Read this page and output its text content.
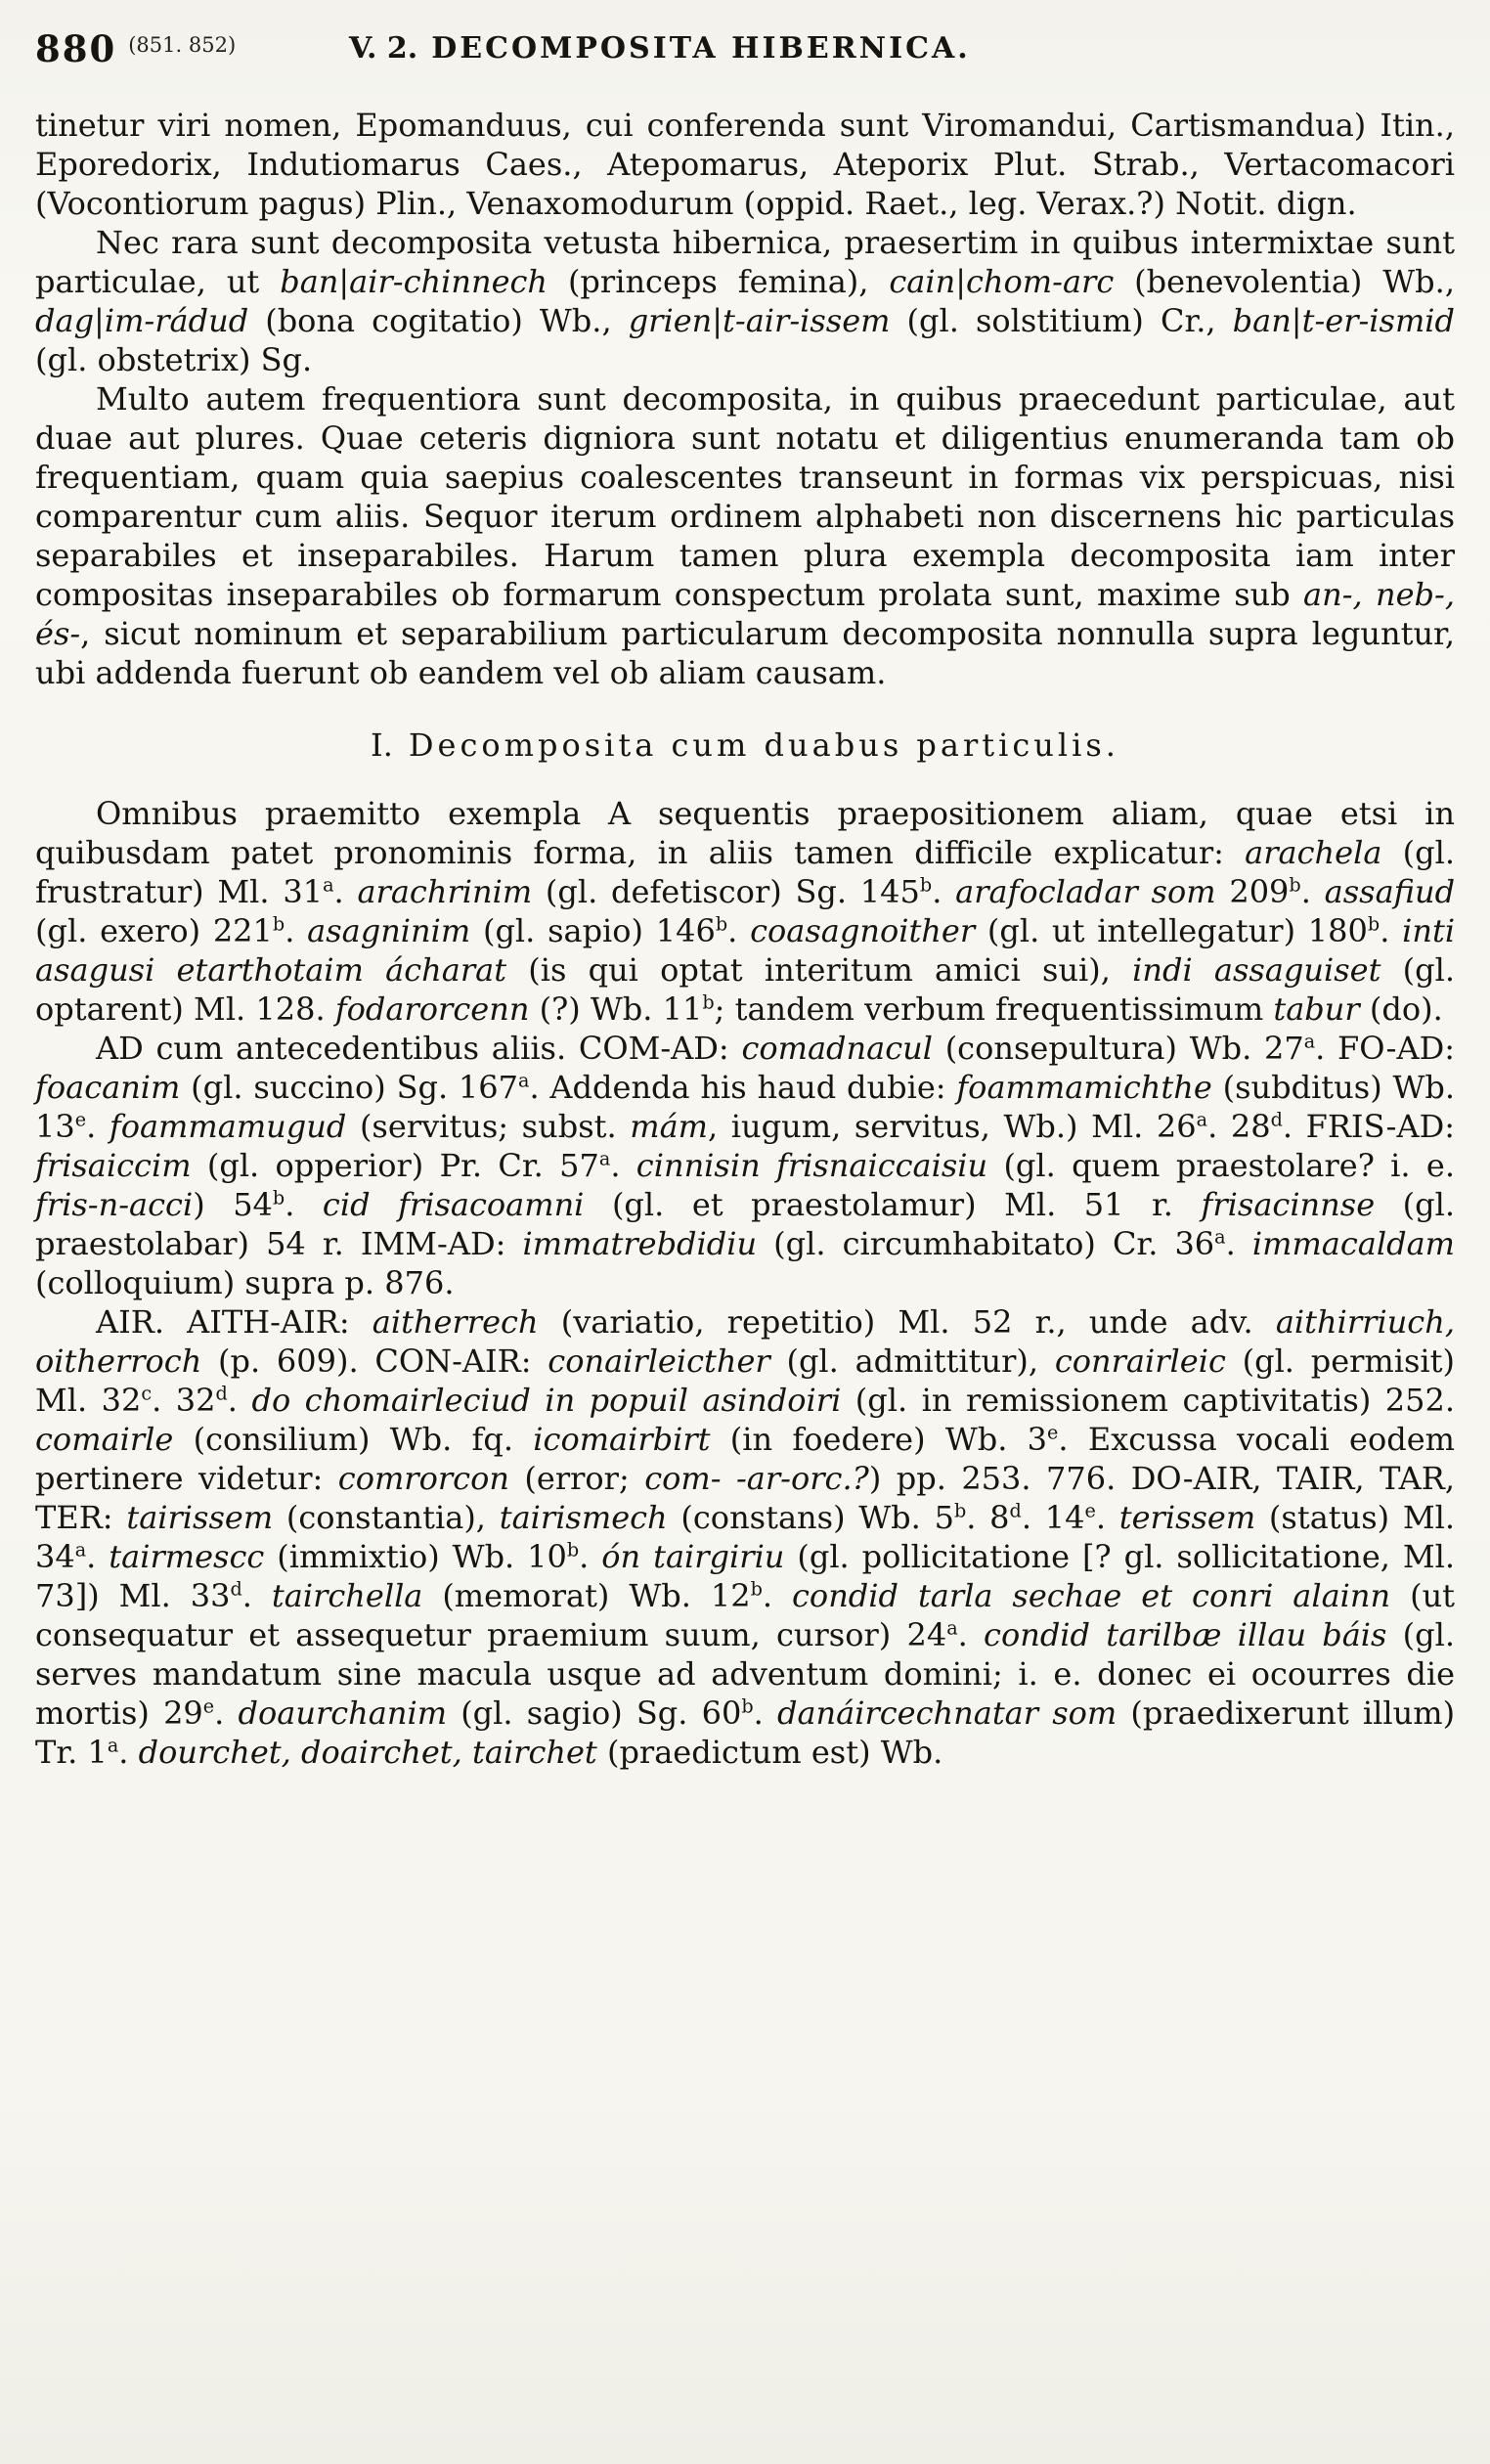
880 $^{(851. 852)}$	V. 2. DECOMPOSITA HIBERNICA.

tinetur viri nomen, Epomanduus, cui conferenda sunt Viromandui, Cartismandua) Itin., Eporedorix, Indutiomarus Caes., Atepomarus, Ateporix Plut. Strab., Vertacomacori (Vocontiorum pagus) Plin., Venaxomodurum (oppid. Raet., leg. Verax.?) Notit. dign.

Nec rara sunt decomposita vetusta hibernica, praesertim in quibus intermixtae sunt particulae, ut ban|air-chinnech (princeps femina), cain|chom-arc (benevolentia) Wb., dag|im-rádud (bona cogitatio) Wb., grien|t-air-issem (gl. solstitium) Cr., ban|t-er-ismid (gl. obstetrix) Sg.

Multo autem frequentiora sunt decomposita, in quibus praecedunt particulae, aut duae aut plures. Quae ceteris digniora sunt notatu et diligentius enumeranda tam ob frequentiam, quam quia saepius coalescentes transeunt in formas vix perspicuas, nisi comparentur cum aliis. Sequor iterum ordinem alphabeti non discernens hic particulas separabiles et inseparabiles. Harum tamen plura exempla decomposita iam inter compositas inseparabiles ob formarum conspectum prolata sunt, maxime sub an-, neb-, és-, sicut nominum et separabilium particularum decomposita nonnulla supra leguntur, ubi addenda fuerunt ob eandem vel ob aliam causam.

I. Decomposita cum duabus particulis.

Omnibus praemitto exempla A sequentis praepositionem aliam, quae etsi in quibusdam patet pronominis forma, in aliis tamen difficile explicatur: arachela (gl. frustratur) Ml. 31$^a$. arachrinim (gl. defetiscor) Sg. 145$^b$. arafocladar som 209$^b$. assafiud (gl. exero) 221$^b$. asagninim (gl. sapio) 146$^b$. coasagnoither (gl. ut intellegatur) 180$^b$. inti asagusi etarthotaim ácharat (is qui optat interitum amici sui), indi assaguiset (gl. optarent) Ml. 128. fodarorcenn (?) Wb. 11$^b$; tandem verbum frequentissimum tabur (do).

AD cum antecedentibus aliis. COM-AD: comadnacul (consepultura) Wb. 27$^a$. FO-AD: foacanim (gl. succino) Sg. 167$^a$. Addenda his haud dubie: foammamichthe (subditus) Wb. 13e. foammamugud (servitus; subst. mám, iugum, servitus, Wb.) Ml. 26$^a$. 28$^d$. FRIS-AD: frisaiccim (gl. opperior) Pr. Cr. 57$^a$. cinnisin frisnaiccaisiu (gl. quem praestolare? i. e. fris-n-acci) 54$^b$. cid frisacoamni (gl. et praestolamur) Ml. 51 r. frisacinnse (gl. praestolabar) 54 r. IMM-AD: immatrebdidiu (gl. circumhabitato) Cr. 36$^a$. immacaldam (colloquium) supra p. 876.

AIR. AITH-AIR: aitherrech (variatio, repetitio) Ml. 52 r., unde adv. aithirriuch, oitherroch (p. 609). CON-AIR: conairleicther (gl. admittitur), conrairleic (gl. permisit) Ml. 32$^c$. 32$^d$. do chomairleciud in popuil asindoiri (gl. in remissionem captivitatis) 252. comairle (consilium) Wb. fq. icomairbirt (in foedere) Wb. 3e. Excussa vocali eodem pertinere videtur: comrorcon (error; com- -ar-orc.?) pp. 253. 776. DO-AIR, TAIR, TAR, TER: tairissem (constantia), tairismech (constans) Wb. 5$^b$. 8$^d$. 14e. terissem (status) Ml. 34$^a$. tairmescc (immixtio) Wb. 10$^b$. ón tairgiriu (gl. pollicitatione [? gl. sollicitatione, Ml. 73]) Ml. 33$^d$. tairchella (memorat) Wb. 12$^b$. condid tarla sechae et conri alainn (ut consequatur et assequetur praemium suum, cursor) 24$^a$. condid tarilbæ illau báis (gl. serves mandatum sine macula usque ad adventum domini; i. e. donec ei ocourres die mortis) 29e. doaurchanim (gl. sagio) Sg. 60$^b$. danáircechnatar som (praedixerunt illum) Tr. 1$^a$. dourchet, doairchet, tairchet (praedictum est) Wb.
